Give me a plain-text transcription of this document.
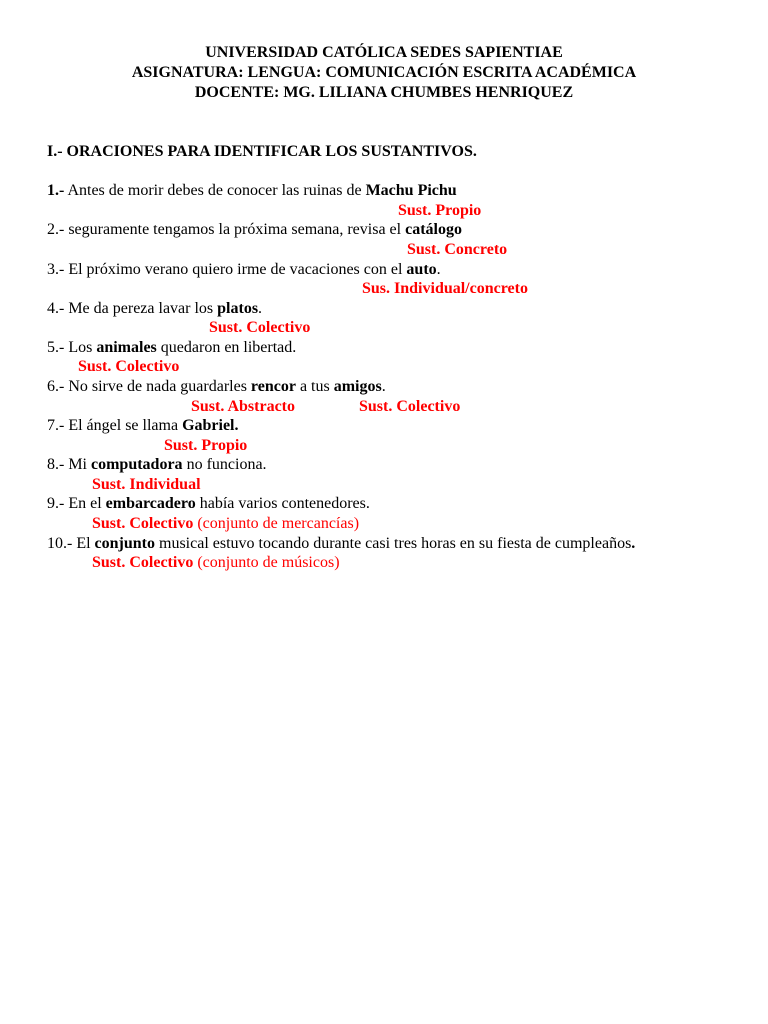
UNIVERSIDAD CATÓLICA SEDES SAPIENTIAE
ASIGNATURA: LENGUA: COMUNICACIÓN ESCRITA ACADÉMICA
DOCENTE: MG. LILIANA CHUMBES HENRIQUEZ
I.- ORACIONES PARA IDENTIFICAR LOS SUSTANTIVOS.
1.- Antes de morir debes de conocer las ruinas de Machu Pichu
Sust. Propio
2.- seguramente tengamos la próxima semana, revisa el catálogo
Sust. Concreto
3.- El próximo verano quiero irme de vacaciones con el auto.
Sus. Individual/concreto
4.- Me da pereza lavar los platos.
Sust. Colectivo
5.- Los animales quedaron en libertad.
Sust. Colectivo
6.- No sirve de nada guardarles rencor a tus amigos.
Sust. Abstracto	Sust. Colectivo
7.- El ángel se llama Gabriel.
Sust. Propio
8.- Mi computadora no funciona.
Sust. Individual
9.- En el embarcadero había varios contenedores.
Sust. Colectivo (conjunto de mercancías)
10.- El conjunto musical estuvo tocando durante casi tres horas en su fiesta de cumpleaños.
Sust. Colectivo (conjunto de músicos)
